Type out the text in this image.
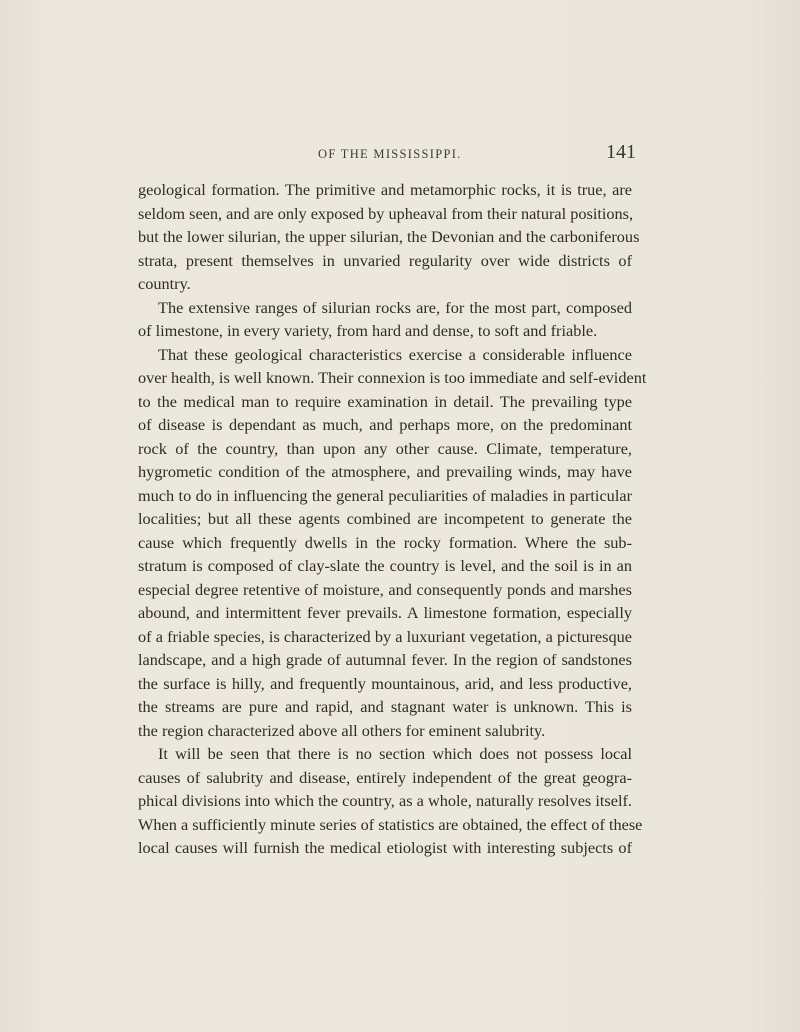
OF THE MISSISSIPPI.	141
geological formation. The primitive and metamorphic rocks, it is true, are
seldom seen, and are only exposed by upheaval from their natural positions,
but the lower silurian, the upper silurian, the Devonian and the carboniferous
strata, present themselves in unvaried regularity over wide districts of
country.
The extensive ranges of silurian rocks are, for the most part, composed
of limestone, in every variety, from hard and dense, to soft and friable.
That these geological characteristics exercise a considerable influence
over health, is well known. Their connexion is too immediate and self-evident
to the medical man to require examination in detail. The prevailing type
of disease is dependant as much, and perhaps more, on the predominant
rock of the country, than upon any other cause. Climate, temperature,
hygrometic condition of the atmosphere, and prevailing winds, may have
much to do in influencing the general peculiarities of maladies in particular
localities; but all these agents combined are incompetent to generate the
cause which frequently dwells in the rocky formation. Where the sub-
stratum is composed of clay-slate the country is level, and the soil is in an
especial degree retentive of moisture, and consequently ponds and marshes
abound, and intermittent fever prevails. A limestone formation, especially
of a friable species, is characterized by a luxuriant vegetation, a picturesque
landscape, and a high grade of autumnal fever. In the region of sandstones
the surface is hilly, and frequently mountainous, arid, and less productive,
the streams are pure and rapid, and stagnant water is unknown. This is
the region characterized above all others for eminent salubrity.
It will be seen that there is no section which does not possess local
causes of salubrity and disease, entirely independent of the great geogra-
phical divisions into which the country, as a whole, naturally resolves itself.
When a sufficiently minute series of statistics are obtained, the effect of these
local causes will furnish the medical etiologist with interesting subjects of
